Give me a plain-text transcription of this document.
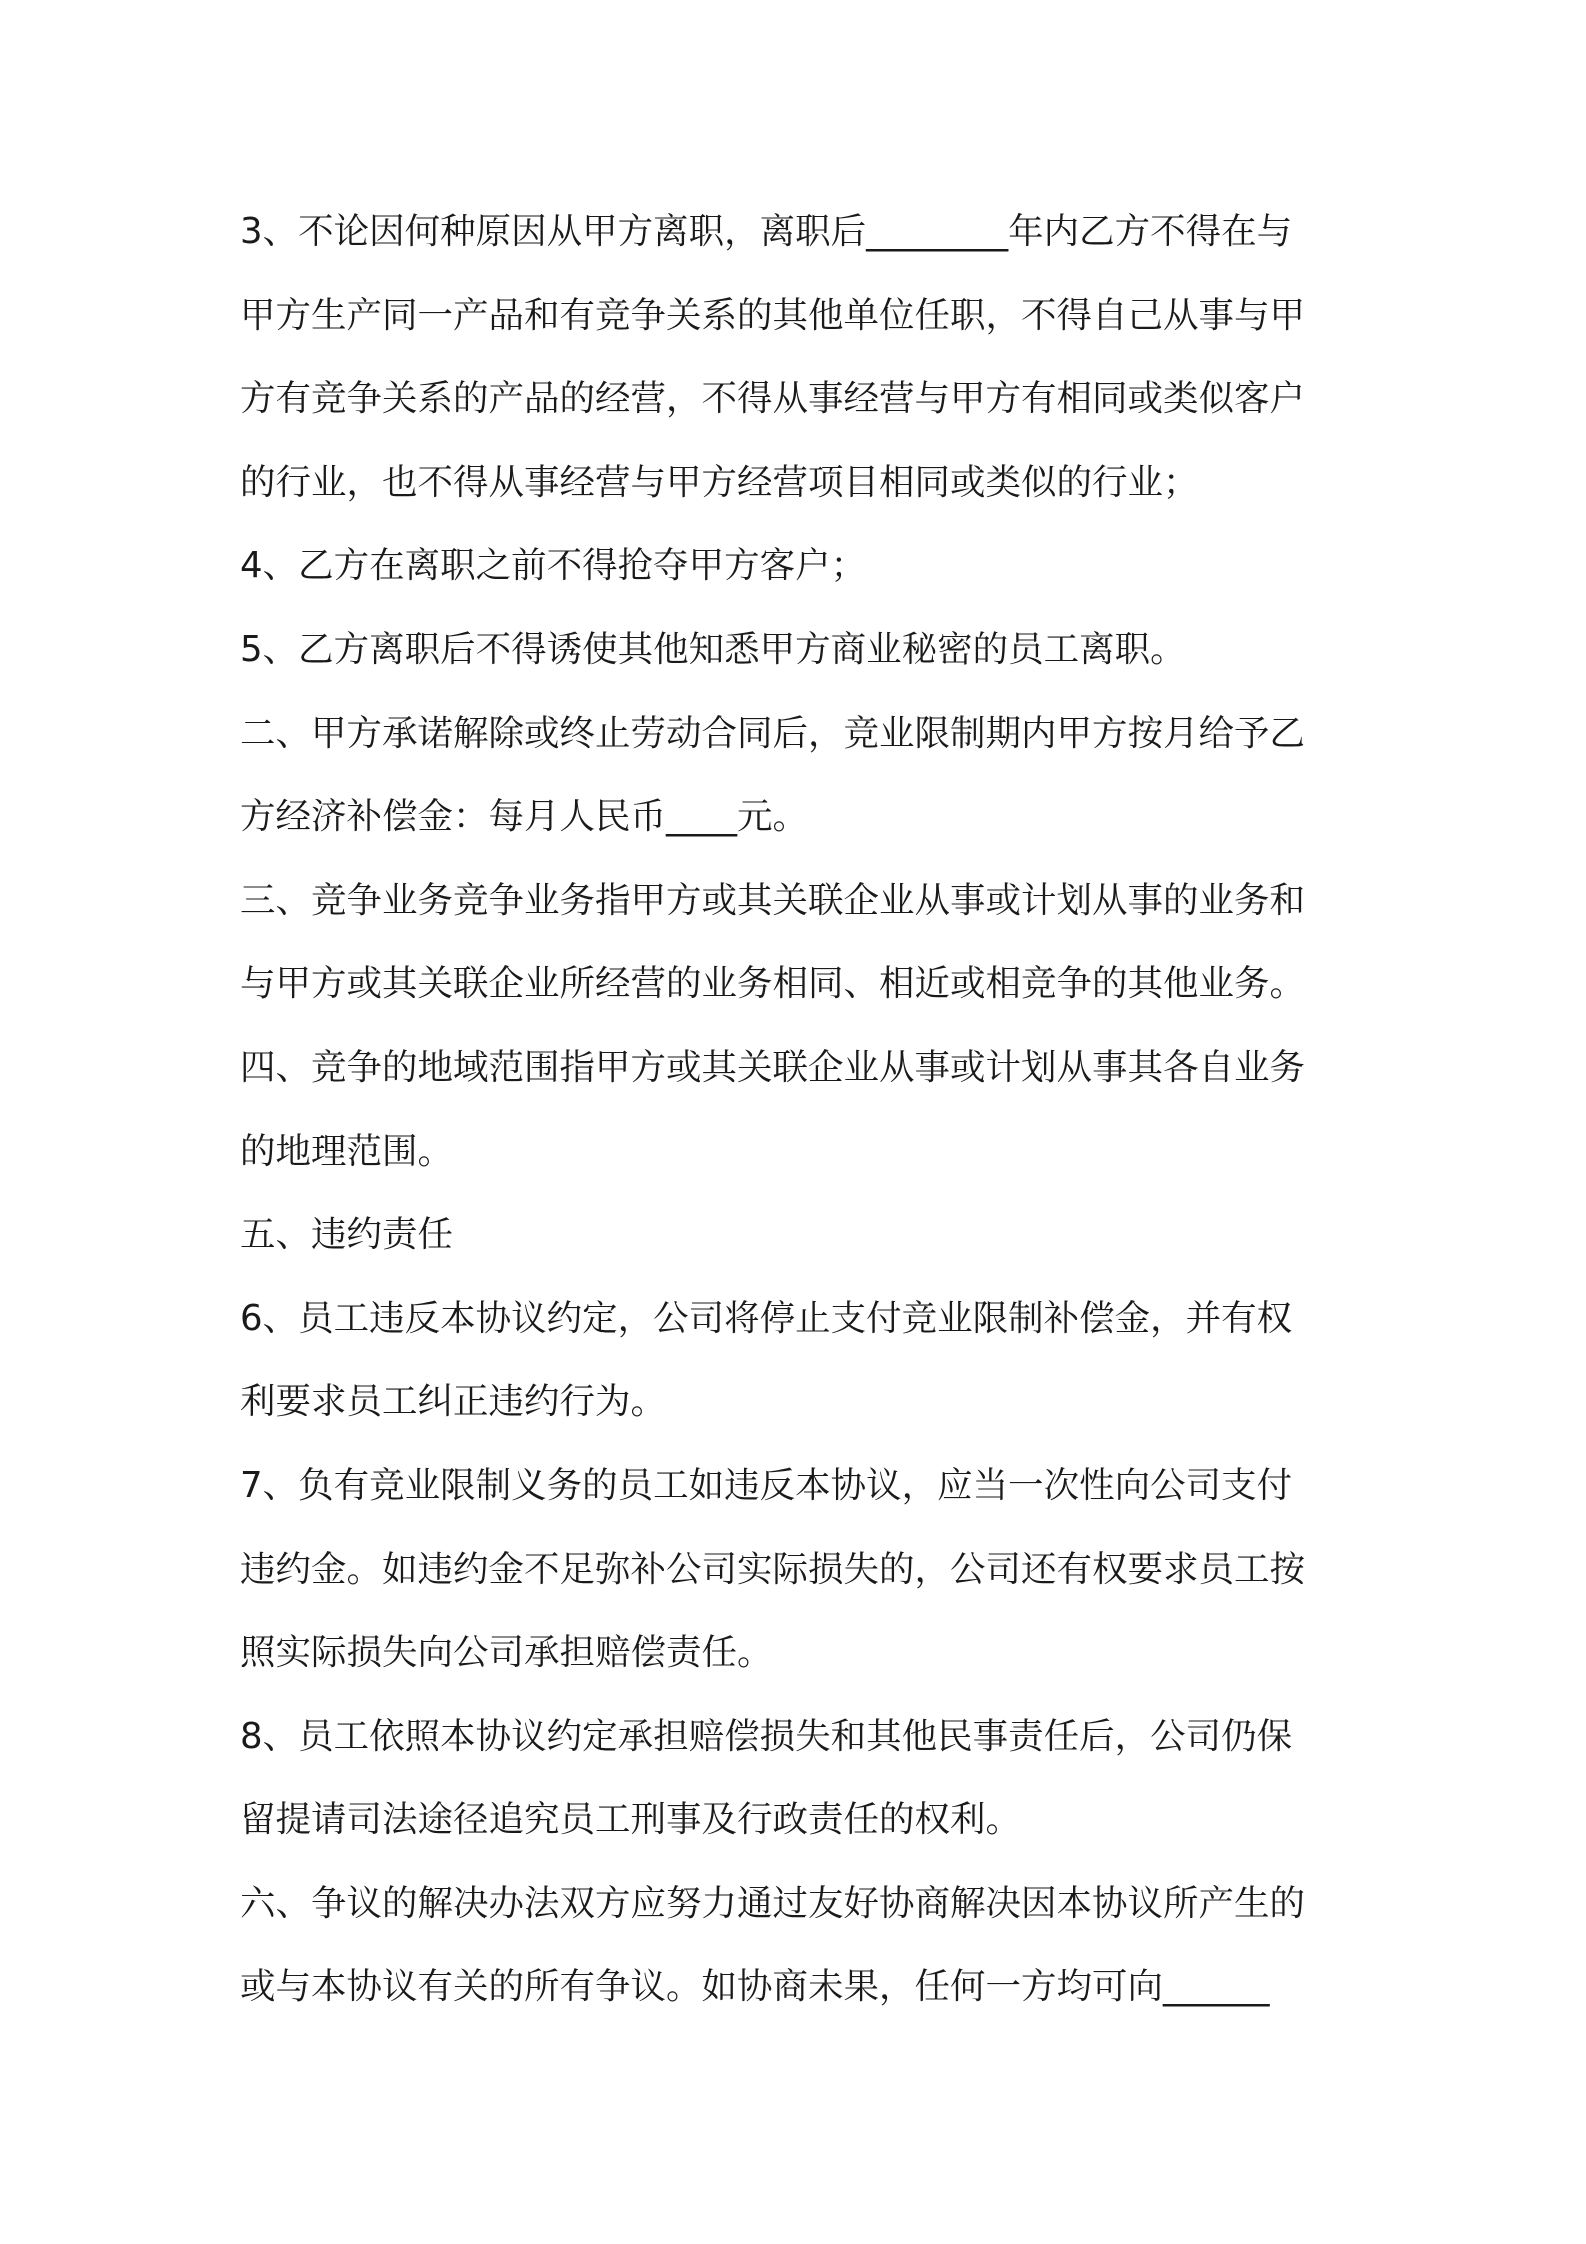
3、不论因何种原因从甲方离职，离职后________年内乙方不得在与
甲方生产同一产品和有竞争关系的其他单位任职，不得自己从事与甲
方有竞争关系的产品的经营，不得从事经营与甲方有相同或类似客户
的行业，也不得从事经营与甲方经营项目相同或类似的行业；
4、乙方在离职之前不得抢夺甲方客户；
5、乙方离职后不得诱使其他知悉甲方商业秘密的员工离职。
二、甲方承诺解除或终止劳动合同后，竞业限制期内甲方按月给予乙
方经济补偿金：每月人民币____元。
三、竞争业务竞争业务指甲方或其关联企业从事或计划从事的业务和
与甲方或其关联企业所经营的业务相同、相近或相竞争的其他业务。
四、竞争的地域范围指甲方或其关联企业从事或计划从事其各自业务
的地理范围。
五、违约责任
6、员工违反本协议约定，公司将停止支付竞业限制补偿金，并有权
利要求员工纠正违约行为。
7、负有竞业限制义务的员工如违反本协议，应当一次性向公司支付
违约金。如违约金不足弥补公司实际损失的，公司还有权要求员工按
照实际损失向公司承担赔偿责任。
8、员工依照本协议约定承担赔偿损失和其他民事责任后，公司仍保
留提请司法途径追究员工刑事及行政责任的权利。
六、争议的解决办法双方应努力通过友好协商解决因本协议所产生的
或与本协议有关的所有争议。如协商未果，任何一方均可向______
